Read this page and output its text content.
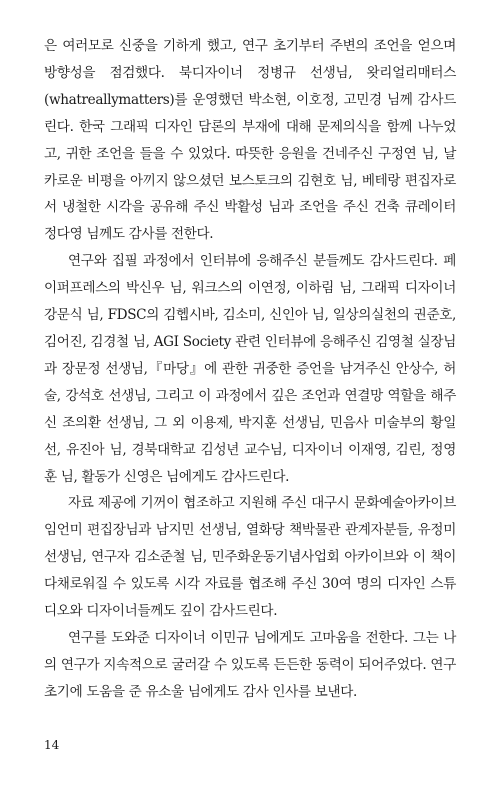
은 여러모로 신중을 기하게 했고, 연구 초기부터 주변의 조언을 얻으며 방향성을 점검했다. 북디자이너 정병규 선생님, 왓리얼리매터스(whatreallymatters)를 운영했던 박소현, 이호정, 고민경 님께 감사드린다. 한국 그래픽 디자인 담론의 부재에 대해 문제의식을 함께 나누었고, 귀한 조언을 들을 수 있었다. 따뜻한 응원을 건네주신 구정연 님, 날카로운 비평을 아끼지 않으셨던 보스토크의 김현호 님, 베테랑 편집자로서 냉철한 시각을 공유해 주신 박활성 님과 조언을 주신 건축 큐레이터 정다영 님께도 감사를 전한다.

연구와 집필 과정에서 인터뷰에 응해주신 분들께도 감사드린다. 페이퍼프레스의 박신우 님, 워크스의 이연정, 이하림 님, 그래픽 디자이너 강문식 님, FDSC의 김헵시바, 김소미, 신인아 님, 일상의실천의 권준호, 김어진, 김경철 님, AGI Society 관련 인터뷰에 응해주신 김영철 실장님과 장문정 선생님,『마당』에 관한 귀중한 증언을 남겨주신 안상수, 허술, 강석호 선생님, 그리고 이 과정에서 깊은 조언과 연결망 역할을 해주신 조의환 선생님, 그 외 이용제, 박지훈 선생님, 민음사 미술부의 황일선, 유진아 님, 경북대학교 김성년 교수님, 디자이너 이재영, 김린, 정영훈 님, 활동가 신영은 님에게도 감사드린다.

자료 제공에 기꺼이 협조하고 지원해 주신 대구시 문화예술아카이브 임언미 편집장님과 남지민 선생님, 열화당 책박물관 관계자분들, 유정미 선생님, 연구자 김소준철 님, 민주화운동기념사업회 아카이브와 이 책이 다채로워질 수 있도록 시각 자료를 협조해 주신 30여 명의 디자인 스튜디오와 디자이너들께도 깊이 감사드린다.

연구를 도와준 디자이너 이민규 님에게도 고마움을 전한다. 그는 나의 연구가 지속적으로 굴러갈 수 있도록 든든한 동력이 되어주었다. 연구 초기에 도움을 준 유소울 님에게도 감사 인사를 보낸다.

14
